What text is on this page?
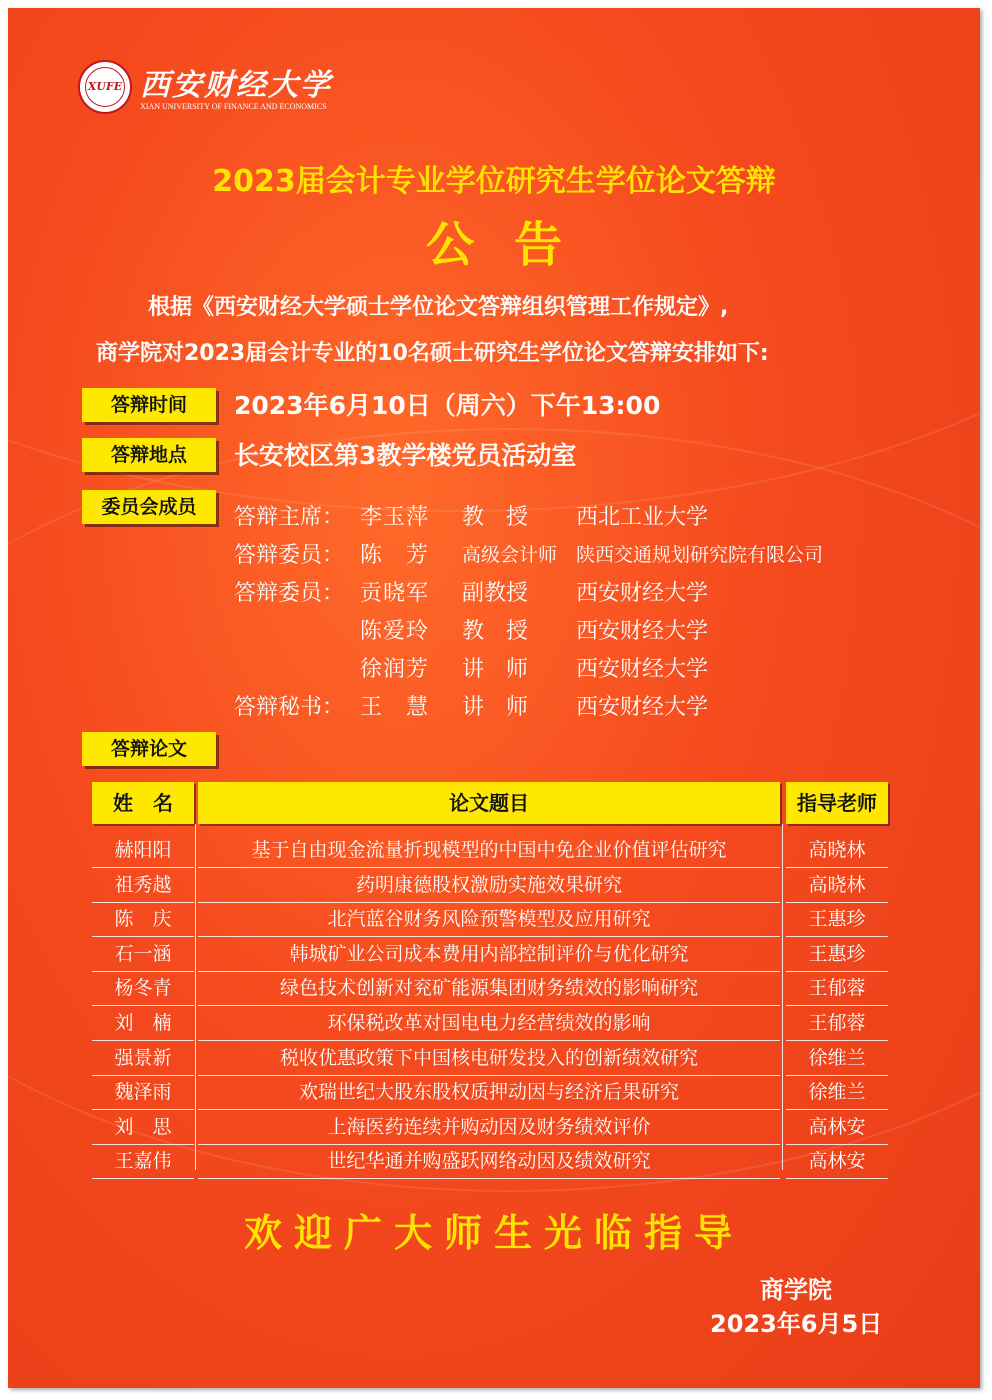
XUFE 西安财经大学
XIAN UNIVERSITY OF FINANCE AND ECONOMICS
2023届会计专业学位研究生学位论文答辩
公告
根据《西安财经大学硕士学位论文答辩组织管理工作规定》,
商学院对2023届会计专业的10名硕士研究生学位论文答辩安排如下:
答辩时间	2023年6月10日（周六）下午13:00
答辩地点	长安校区第3教学楼党员活动室
委员会成员	答辩主席： 李玉萍 教　授 西北工业大学
答辩委员： 陈　芳 高级会计师 陕西交通规划研究院有限公司
答辩委员： 贡晓军 副教授 西安财经大学
陈爱玲 教　授 西安财经大学
徐润芳 讲　师 西安财经大学
答辩秘书： 王　慧 讲　师 西安财经大学
答辩论文
姓　名	论文题目	指导老师
赫阳阳	基于自由现金流量折现模型的中国中免企业价值评估研究	高晓林
祖秀越	药明康德股权激励实施效果研究	高晓林
陈　庆	北汽蓝谷财务风险预警模型及应用研究	王惠珍
石一涵	韩城矿业公司成本费用内部控制评价与优化研究	王惠珍
杨冬青	绿色技术创新对兖矿能源集团财务绩效的影响研究	王郁蓉
刘　楠	环保税改革对国电电力经营绩效的影响	王郁蓉
强景新	税收优惠政策下中国核电研发投入的创新绩效研究	徐维兰
魏泽雨	欢瑞世纪大股东股权质押动因与经济后果研究	徐维兰
刘　思	上海医药连续并购动因及财务绩效评价	高林安
王嘉伟	世纪华通并购盛跃网络动因及绩效研究	高林安
欢迎广大师生光临指导
商学院
2023年6月5日
